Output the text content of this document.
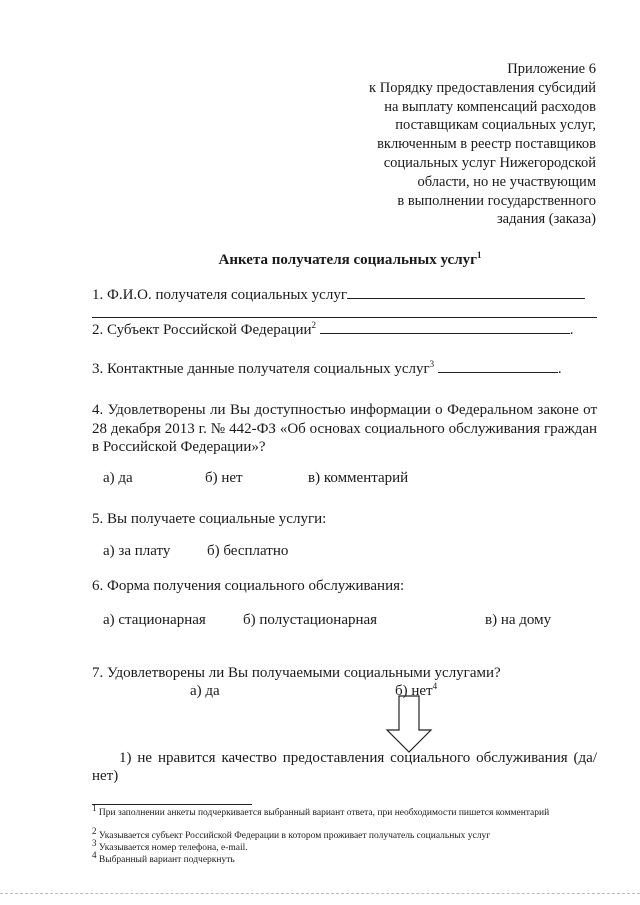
Приложение 6
к Порядку предоставления субсидий
на выплату компенсаций расходов
поставщикам социальных услуг,
включенным в реестр поставщиков
социальных услуг Нижегородской
области, но не участвующим
в выполнении государственного
задания (заказа)
Анкета получателя социальных услуг$^1$
1. Ф.И.О. получателя социальных услуг
2. Субъект Российской Федерации$^2$	.
3. Контактные данные получателя социальных услуг$^3$	.
4. Удовлетворены ли Вы доступностью информации о Федеральном законе от 28 декабря 2013 г. № 442-ФЗ «Об основах социального обслуживания граждан в Российской Федерации»?
а) да	б) нет	в) комментарий
5. Вы получаете социальные услуги:
а) за плату б) бесплатно
6. Форма получения социального обслуживания:
а) стационарная б) полустационарная	в) на дому
7. Удовлетворены ли Вы получаемыми социальными услугами?
а) да	б) нет$^4$
1) не нравится качество предоставления социального обслуживания (да/нет)
$^1$ При заполнении анкеты подчеркивается выбранный вариант ответа, при необходимости пишется комментарий
$^2$ Указывается субъект Российской Федерации в котором проживает получатель социальных услуг
$^3$ Указывается номер телефона, e-mail.
$^4$ Выбранный вариант подчеркнуть
